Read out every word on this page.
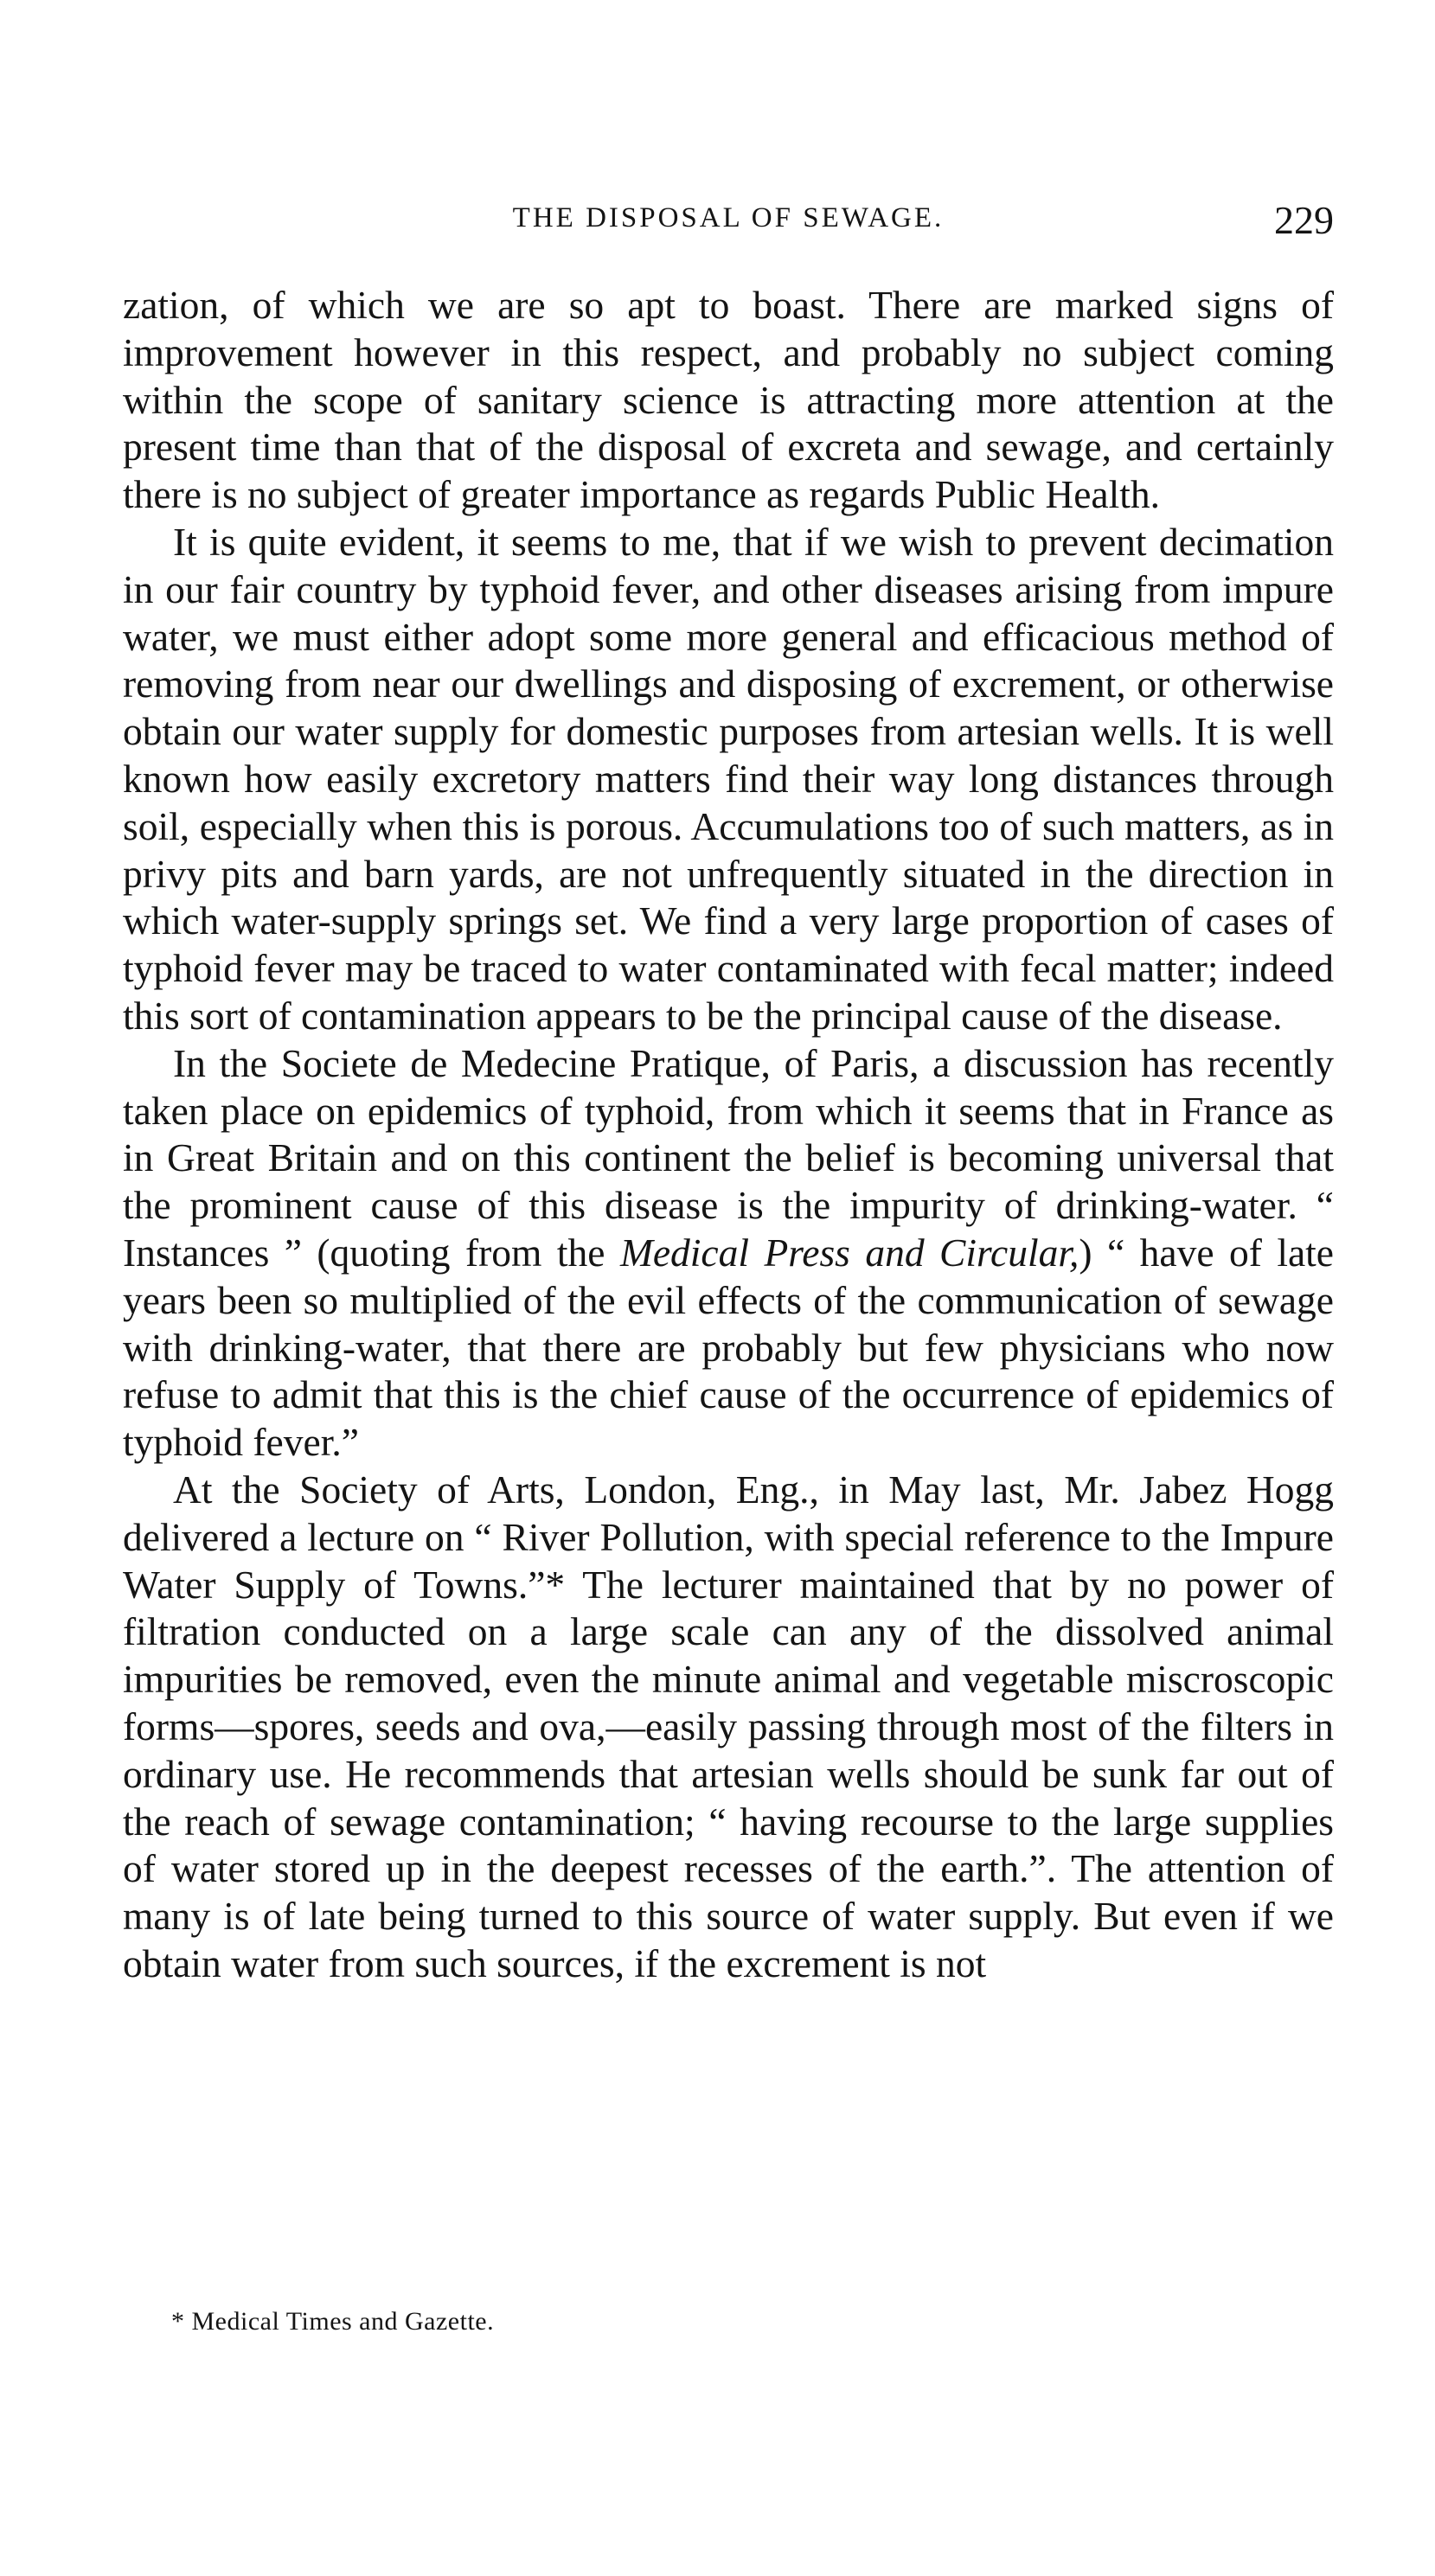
THE DISPOSAL OF SEWAGE.	229

zation, of which we are so apt to boast. There are marked signs of improvement however in this respect, and probably no subject coming within the scope of sanitary science is attracting more attention at the present time than that of the disposal of excreta and sewage, and certainly there is no subject of greater importance as regards Public Health.

It is quite evident, it seems to me, that if we wish to prevent decimation in our fair country by typhoid fever, and other diseases arising from impure water, we must either adopt some more general and efficacious method of removing from near our dwellings and disposing of excrement, or otherwise obtain our water supply for domestic purposes from artesian wells. It is well known how easily excretory matters find their way long distances through soil, especially when this is porous. Accumulations too of such matters, as in privy pits and barn yards, are not unfrequently situated in the direction in which water-supply springs set. We find a very large proportion of cases of typhoid fever may be traced to water contaminated with fecal matter; indeed this sort of contamination appears to be the principal cause of the disease.

In the Societe de Medecine Pratique, of Paris, a discussion has recently taken place on epidemics of typhoid, from which it seems that in France as in Great Britain and on this continent the belief is becoming universal that the prominent cause of this disease is the impurity of drinking-water. “ Instances ” (quoting from the Medical Press and Circular,) “ have of late years been so multiplied of the evil effects of the communication of sewage with drinking-water, that there are probably but few physicians who now refuse to admit that this is the chief cause of the occurrence of epidemics of typhoid fever.”

At the Society of Arts, London, Eng., in May last, Mr. Jabez Hogg delivered a lecture on “ River Pollution, with special reference to the Impure Water Supply of Towns.”* The lecturer maintained that by no power of filtration conducted on a large scale can any of the dissolved animal impurities be removed, even the minute animal and vegetable miscroscopic forms—spores, seeds and ova,—easily passing through most of the filters in ordinary use. He recommends that artesian wells should be sunk far out of the reach of sewage contamination; “ having recourse to the large supplies of water stored up in the deepest recesses of the earth.”. The attention of many is of late being turned to this source of water supply. But even if we obtain water from such sources, if the excrement is not

* Medical Times and Gazette.
